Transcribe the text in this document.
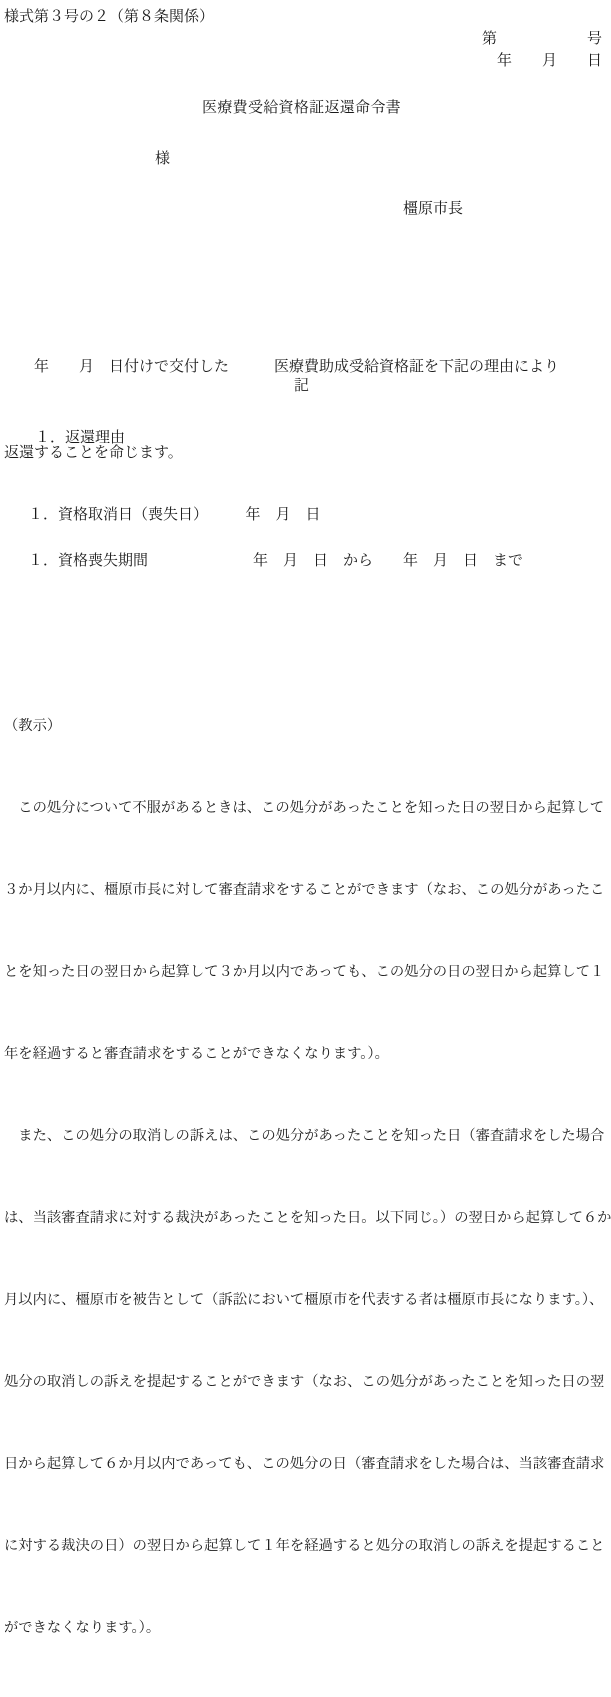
様式第３号の２（第８条関係）

第　　　　　　号

年　　月　　日

医療費受給資格証返還命令書

様

橿原市長

　　年　　月　日付けで交付した　　　医療費助成受給資格証を下記の理由により

返還することを命じます。

記

１．返還理由

１．資格取消日（喪失日）　　　年　月　日

１．資格喪失期間　　　　　　　年　月　日　から　　年　月　日　まで

（教示）

　この処分について不服があるときは、この処分があったことを知った日の翌日から起算して

３か月以内に、橿原市長に対して審査請求をすることができます（なお、この処分があったこ

とを知った日の翌日から起算して３か月以内であっても、この処分の日の翌日から起算して１

年を経過すると審査請求をすることができなくなります。）。

　また、この処分の取消しの訴えは、この処分があったことを知った日（審査請求をした場合

は、当該審査請求に対する裁決があったことを知った日。以下同じ。）の翌日から起算して６か

月以内に、橿原市を被告として（訴訟において橿原市を代表する者は橿原市長になります。）、

処分の取消しの訴えを提起することができます（なお、この処分があったことを知った日の翌

日から起算して６か月以内であっても、この処分の日（審査請求をした場合は、当該審査請求

に対する裁決の日）の翌日から起算して１年を経過すると処分の取消しの訴えを提起すること

ができなくなります。）。
